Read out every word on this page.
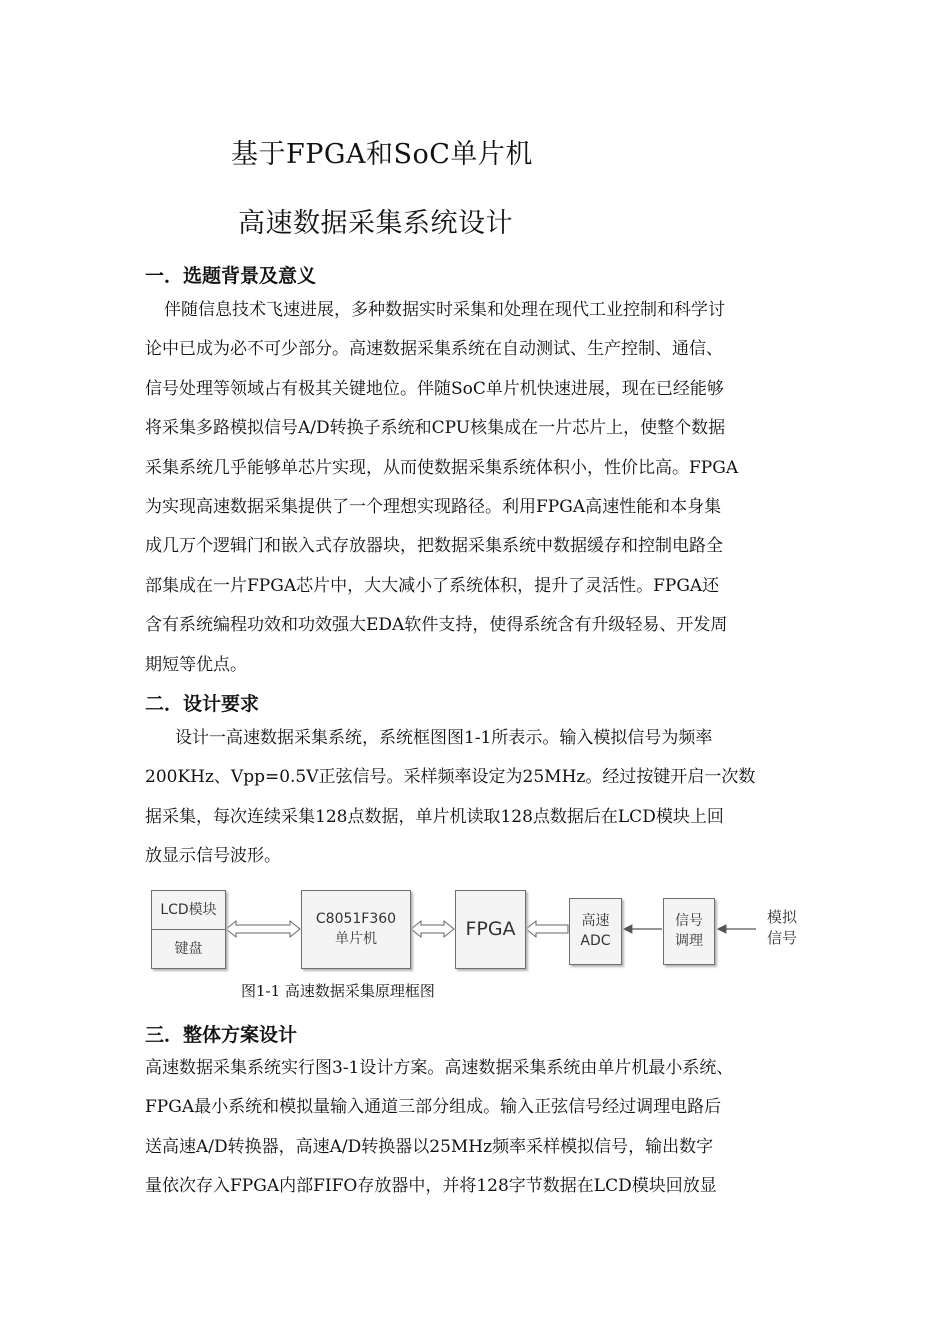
基于FPGA和SoC单片机
高速数据采集系统设计
一．选题背景及意义
伴随信息技术飞速进展，多种数据实时采集和处理在现代工业控制和科学讨
论中已成为必不可少部分。高速数据采集系统在自动测试、生产控制、通信、
信号处理等领域占有极其关键地位。伴随SoC单片机快速进展，现在已经能够
将采集多路模拟信号A/D转换子系统和CPU核集成在一片芯片上，使整个数据
采集系统几乎能够单芯片实现，从而使数据采集系统体积小，性价比高。FPGA
为实现高速数据采集提供了一个理想实现路径。利用FPGA高速性能和本身集
成几万个逻辑门和嵌入式存放器块，把数据采集系统中数据缓存和控制电路全
部集成在一片FPGA芯片中，大大减小了系统体积，提升了灵活性。FPGA还
含有系统编程功效和功效强大EDA软件支持，使得系统含有升级轻易、开发周
期短等优点。
二．设计要求
设计一高速数据采集系统，系统框图图1-1所表示。输入模拟信号为频率
200KHz、Vpp=0.5V正弦信号。采样频率设定为25MHz。经过按键开启一次数
据采集，每次连续采集128点数据，单片机读取128点数据后在LCD模块上回
放显示信号波形。
LCD模块
键盘
C8051F360
单片机	FPGA	高速
ADC
信号
调理
模拟
信号
图1-1 高速数据采集原理框图
三．整体方案设计
高速数据采集系统实行图3-1设计方案。高速数据采集系统由单片机最小系统、
FPGA最小系统和模拟量输入通道三部分组成。输入正弦信号经过调理电路后
送高速A/D转换器，高速A/D转换器以25MHz频率采样模拟信号，输出数字
量依次存入FPGA内部FIFO存放器中，并将128字节数据在LCD模块回放显
